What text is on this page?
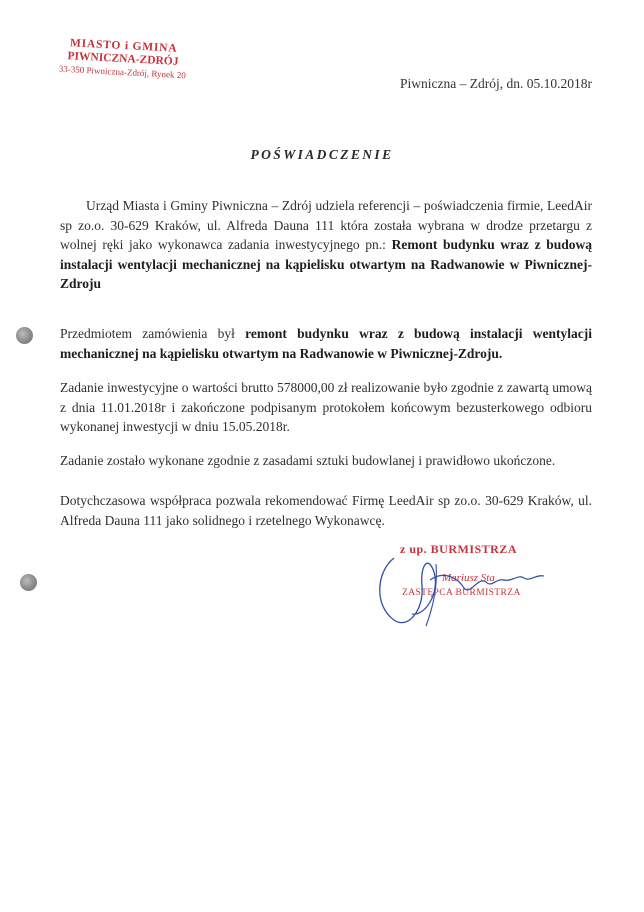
MIASTO i GMINA
PIWNICZNA-ZDRÓJ
33-350 Piwniczna-Zdrój, Rynek 20
Piwniczna – Zdrój, dn. 05.10.2018r
POŚWIADCZENIE
Urząd Miasta i Gminy Piwniczna – Zdrój udziela referencji – poświadczenia firmie, LeedAir sp zo.o. 30-629 Kraków, ul. Alfreda Dauna 111 która została wybrana w drodze przetargu z wolnej ręki jako wykonawca zadania inwestycyjnego pn.: Remont budynku wraz z budową instalacji wentylacji mechanicznej na kąpielisku otwartym na Radwanowie w Piwnicznej-Zdroju
Przedmiotem zamówienia był remont budynku wraz z budową instalacji wentylacji mechanicznej na kąpielisku otwartym na Radwanowie w Piwnicznej-Zdroju.
Zadanie inwestycyjne o wartości brutto 578000,00 zł realizowanie było zgodnie z zawartą umową z dnia 11.01.2018r i zakończone podpisanym protokołem końcowym bezusterkowego odbioru wykonanej inwestycji w dniu 15.05.2018r.
Zadanie zostało wykonane zgodnie z zasadami sztuki budowlanej i prawidłowo ukończone.
Dotychczasowa współpraca pozwala rekomendować Firmę LeedAir sp zo.o. 30-629 Kraków, ul. Alfreda Dauna 111 jako solidnego i rzetelnego Wykonawcę.
z up. BURMISTRZA
Mariusz Sta
ZASTĘPCA BURMISTRZA
